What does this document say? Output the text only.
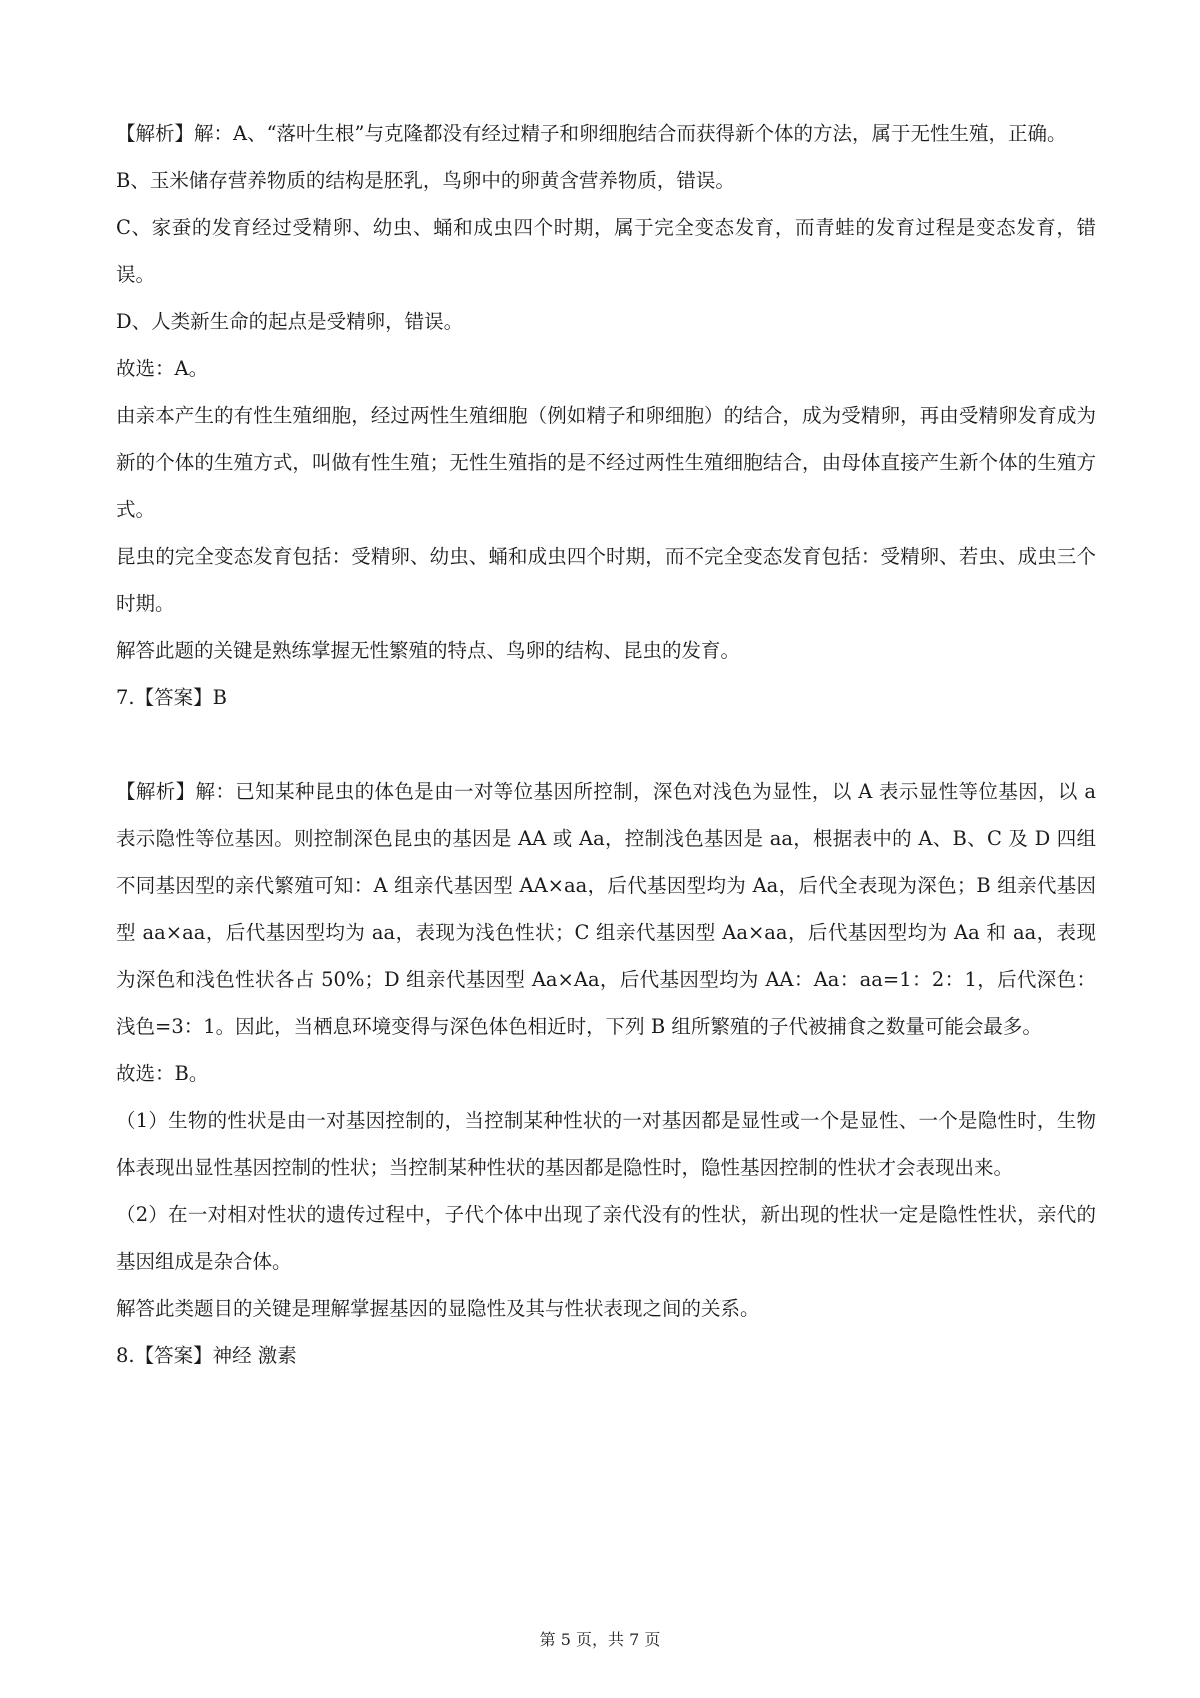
【解析】解：A、“落叶生根”与克隆都没有经过精子和卵细胞结合而获得新个体的方法，属于无性生殖，正确。

B、玉米储存营养物质的结构是胚乳，鸟卵中的卵黄含营养物质，错误。

C、家蚕的发育经过受精卵、幼虫、蛹和成虫四个时期，属于完全变态发育，而青蛙的发育过程是变态发育，错误。

D、人类新生命的起点是受精卵，错误。

故选：A。

由亲本产生的有性生殖细胞，经过两性生殖细胞（例如精子和卵细胞）的结合，成为受精卵，再由受精卵发育成为新的个体的生殖方式，叫做有性生殖；无性生殖指的是不经过两性生殖细胞结合，由母体直接产生新个体的生殖方式。

昆虫的完全变态发育包括：受精卵、幼虫、蛹和成虫四个时期，而不完全变态发育包括：受精卵、若虫、成虫三个时期。

解答此题的关键是熟练掌握无性繁殖的特点、鸟卵的结构、昆虫的发育。

7.【答案】B

【解析】解：已知某种昆虫的体色是由一对等位基因所控制，深色对浅色为显性，以 A 表示显性等位基因，以 a 表示隐性等位基因。则控制深色昆虫的基因是 AA 或 Aa，控制浅色基因是 aa，根据表中的 A、B、C 及 D 四组不同基因型的亲代繁殖可知：A 组亲代基因型 AA×aa，后代基因型均为 Aa，后代全表现为深色；B 组亲代基因型 aa×aa，后代基因型均为 aa，表现为浅色性状；C 组亲代基因型 Aa×aa，后代基因型均为 Aa 和 aa，表现为深色和浅色性状各占 50%；D 组亲代基因型 Aa×Aa，后代基因型均为 AA：Aa：aa=1：2：1，后代深色：浅色=3：1。因此，当栖息环境变得与深色体色相近时，下列 B 组所繁殖的子代被捕食之数量可能会最多。

故选：B。

（1）生物的性状是由一对基因控制的，当控制某种性状的一对基因都是显性或一个是显性、一个是隐性时，生物体表现出显性基因控制的性状；当控制某种性状的基因都是隐性时，隐性基因控制的性状才会表现出来。

（2）在一对相对性状的遗传过程中，子代个体中出现了亲代没有的性状，新出现的性状一定是隐性性状，亲代的基因组成是杂合体。

解答此类题目的关键是理解掌握基因的显隐性及其与性状表现之间的关系。

8.【答案】神经 激素

第 5 页，共 7 页
